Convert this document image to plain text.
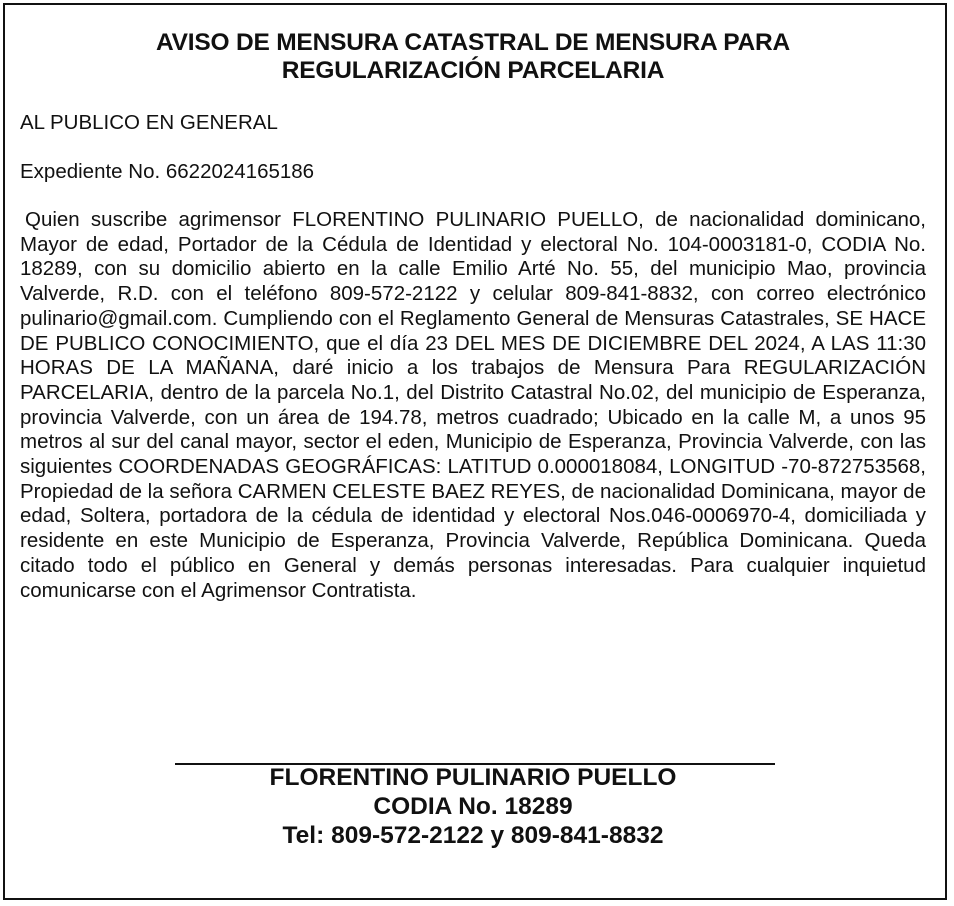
AVISO DE MENSURA CATASTRAL DE MENSURA PARA

REGULARIZACIÓN PARCELARIA

AL PUBLICO EN GENERAL

Expediente No. 6622024165186

Quien suscribe agrimensor FLORENTINO PULINARIO PUELLO, de nacionalidad dominicano, Mayor de edad, Portador de la Cédula de Identidad y electoral No. 104-0003181-0, CODIA No. 18289, con su domicilio abierto en la calle Emilio Arté No. 55, del municipio Mao, provincia Valverde, R.D. con el teléfono 809-572-2122 y celular 809-841-8832, con correo electrónico pulinario@gmail.com. Cumpliendo con el Reglamento General de Mensuras Catastrales, SE HACE DE PUBLICO CONOCIMIENTO, que el día 23 DEL MES DE DICIEMBRE DEL 2024, A LAS 11:30 HORAS DE LA MAÑANA, daré inicio a los trabajos de Mensura Para REGULARIZACIÓN PARCELARIA, dentro de la parcela No.1, del Distrito Catastral No.02, del municipio de Esperanza, provincia Valverde, con un área de 194.78, metros cuadrado; Ubicado en la calle M, a unos 95 metros al sur del canal mayor, sector el eden, Municipio de Esperanza, Provincia Valverde, con las siguientes COORDENADAS GEOGRÁFICAS: LATITUD 0.000018084, LONGITUD -70-872753568, Propiedad de la señora CARMEN CELESTE BAEZ REYES, de nacionalidad Dominicana, mayor de edad, Soltera, portadora de la cédula de identidad y electoral Nos.046-0006970-4, domiciliada y residente en este Municipio de Esperanza, Provincia Valverde, República Dominicana. Queda citado todo el público en General y demás personas interesadas. Para cualquier inquietud comunicarse con el Agrimensor Contratista.

FLORENTINO PULINARIO PUELLO
CODIA No. 18289
Tel: 809-572-2122 y 809-841-8832
